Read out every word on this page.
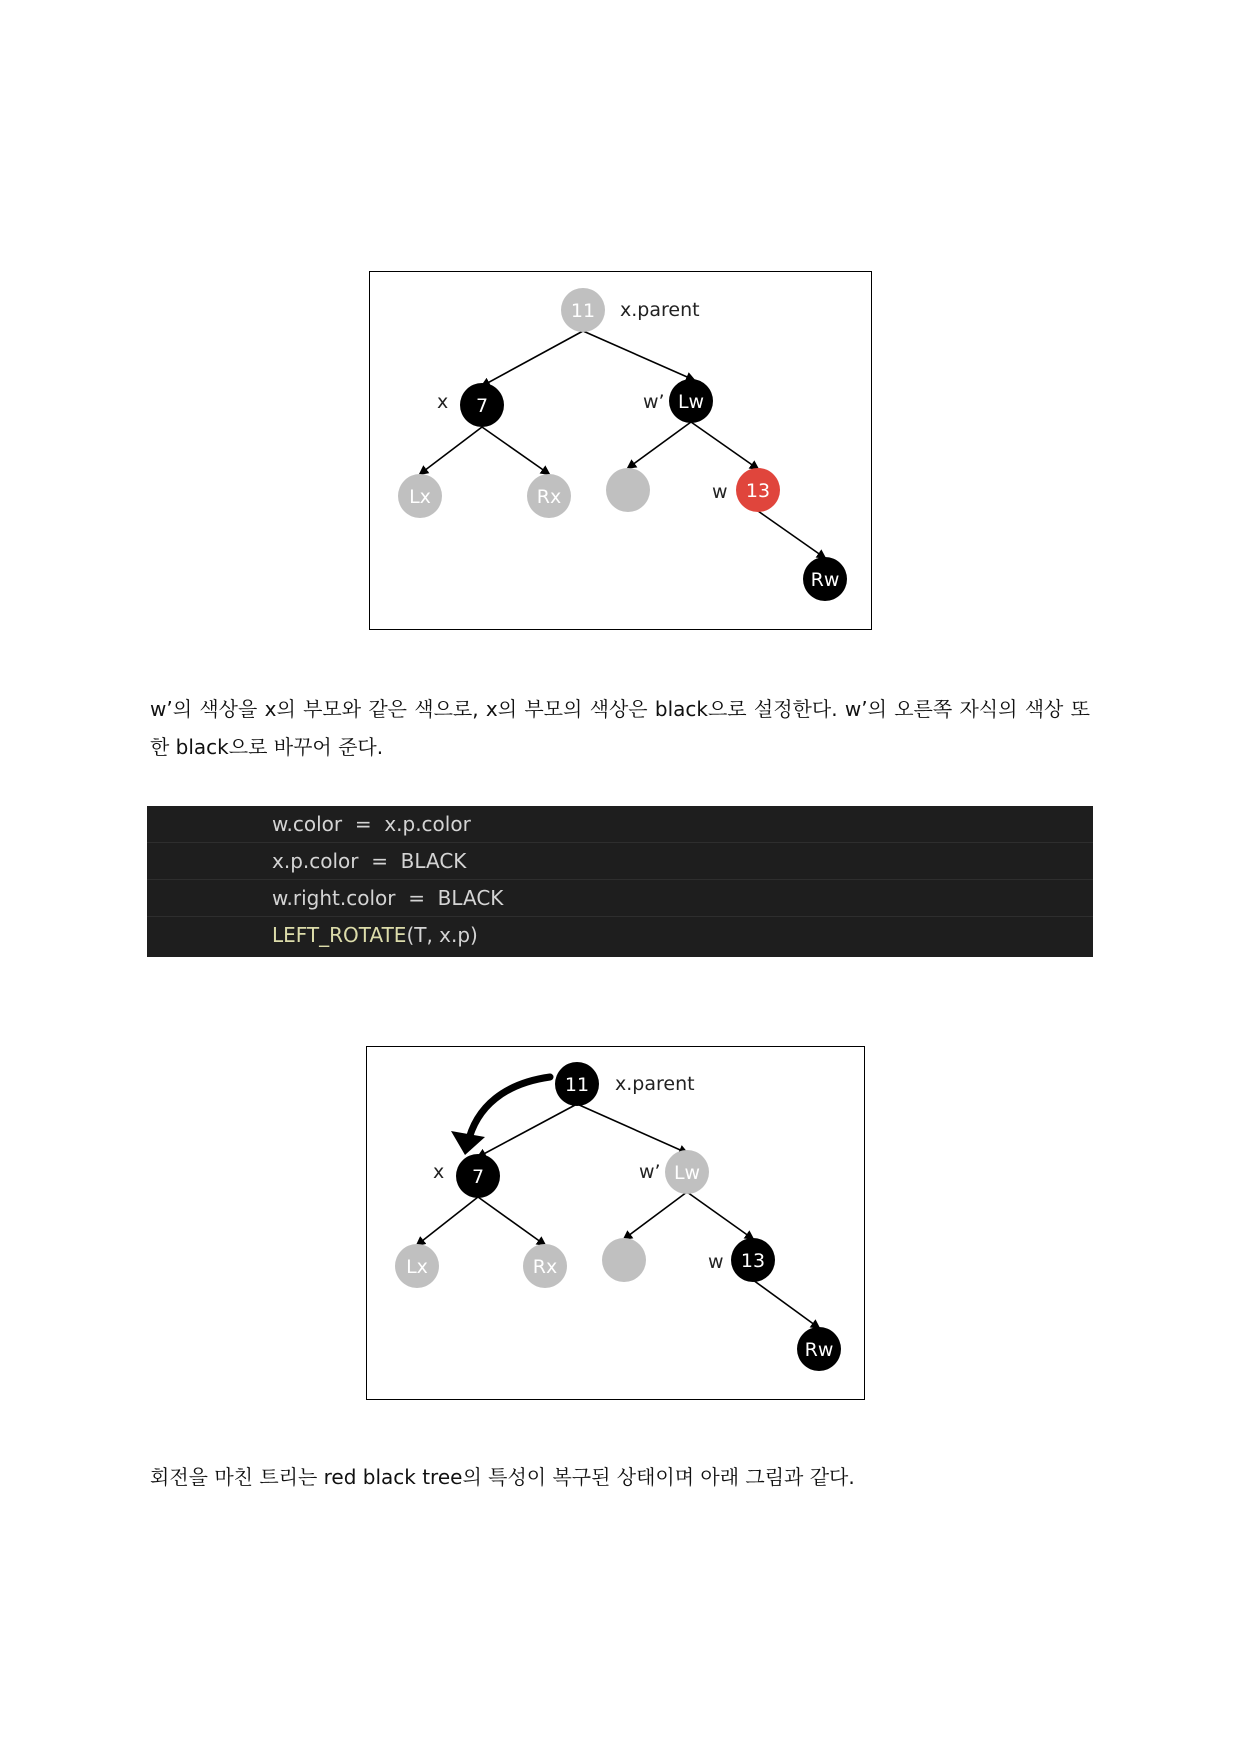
11
7	Lw
Lx	Rx	13
Rw
x.parent
x	w’
w

w’의 색상을 x의 부모와 같은 색으로, x의 부모의 색상은 black으로 설정한다. w’의 오른쪽 자식의 색상 또한 black으로 바꾸어 준다.

w.color  =  x.p.color
x.p.color  =  BLACK
w.right.color  =  BLACK
LEFT_ROTATE(T, x.p)
11
7	Lw
Lx	Rx	13
Rw
x.parent
x	w’
w

회전을 마친 트리는 red black tree의 특성이 복구된 상태이며 아래 그림과 같다.
